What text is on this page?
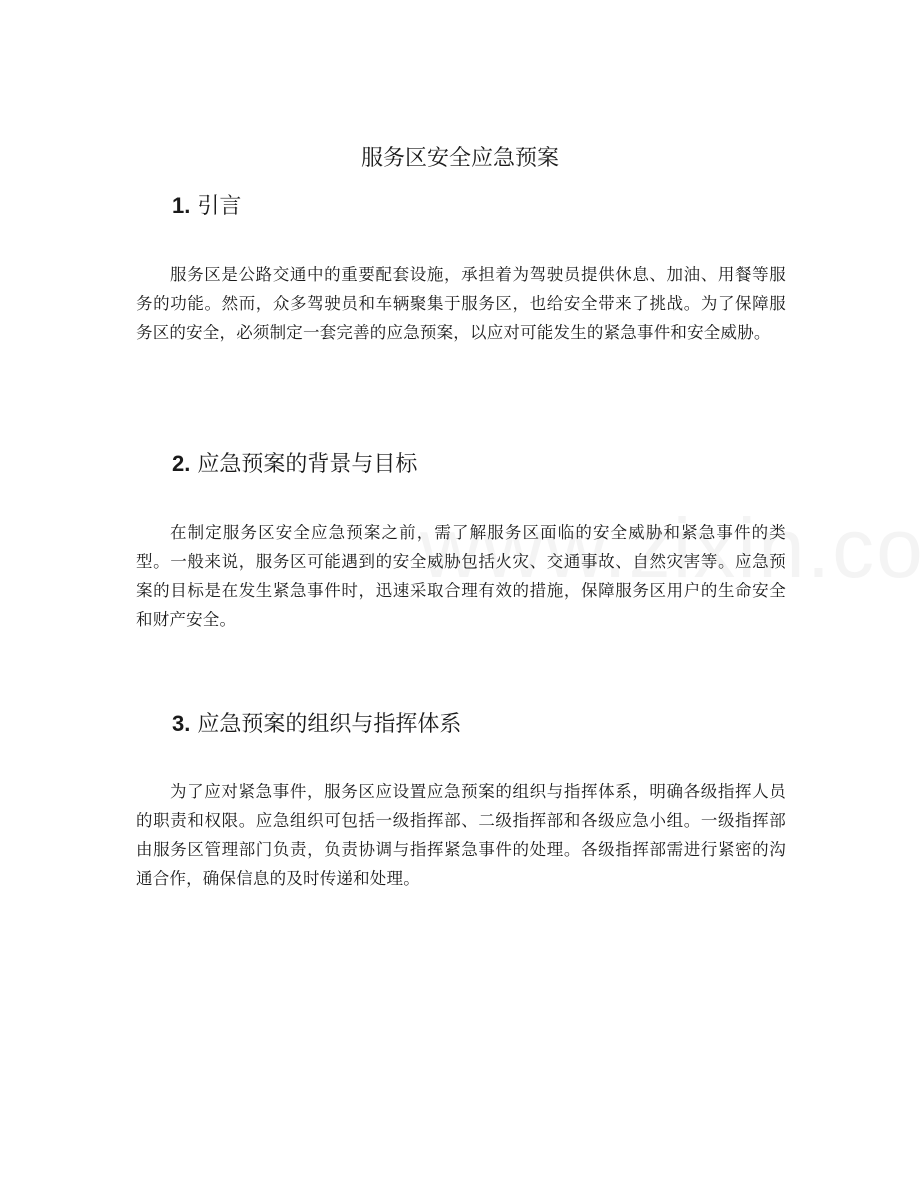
服务区安全应急预案
1. 引言

服务区是公路交通中的重要配套设施，承担着为驾驶员提供休息、加油、用餐等服务的功能。然而，众多驾驶员和车辆聚集于服务区，也给安全带来了挑战。为了保障服务区的安全，必须制定一套完善的应急预案，以应对可能发生的紧急事件和安全威胁。

2. 应急预案的背景与目标

在制定服务区安全应急预案之前，需了解服务区面临的安全威胁和紧急事件的类型。一般来说，服务区可能遇到的安全威胁包括火灾、交通事故、自然灾害等。应急预案的目标是在发生紧急事件时，迅速采取合理有效的措施，保障服务区用户的生命安全和财产安全。

3. 应急预案的组织与指挥体系

为了应对紧急事件，服务区应设置应急预案的组织与指挥体系，明确各级指挥人员的职责和权限。应急组织可包括一级指挥部、二级指挥部和各级应急小组。一级指挥部由服务区管理部门负责，负责协调与指挥紧急事件的处理。各级指挥部需进行紧密的沟通合作，确保信息的及时传递和处理。
